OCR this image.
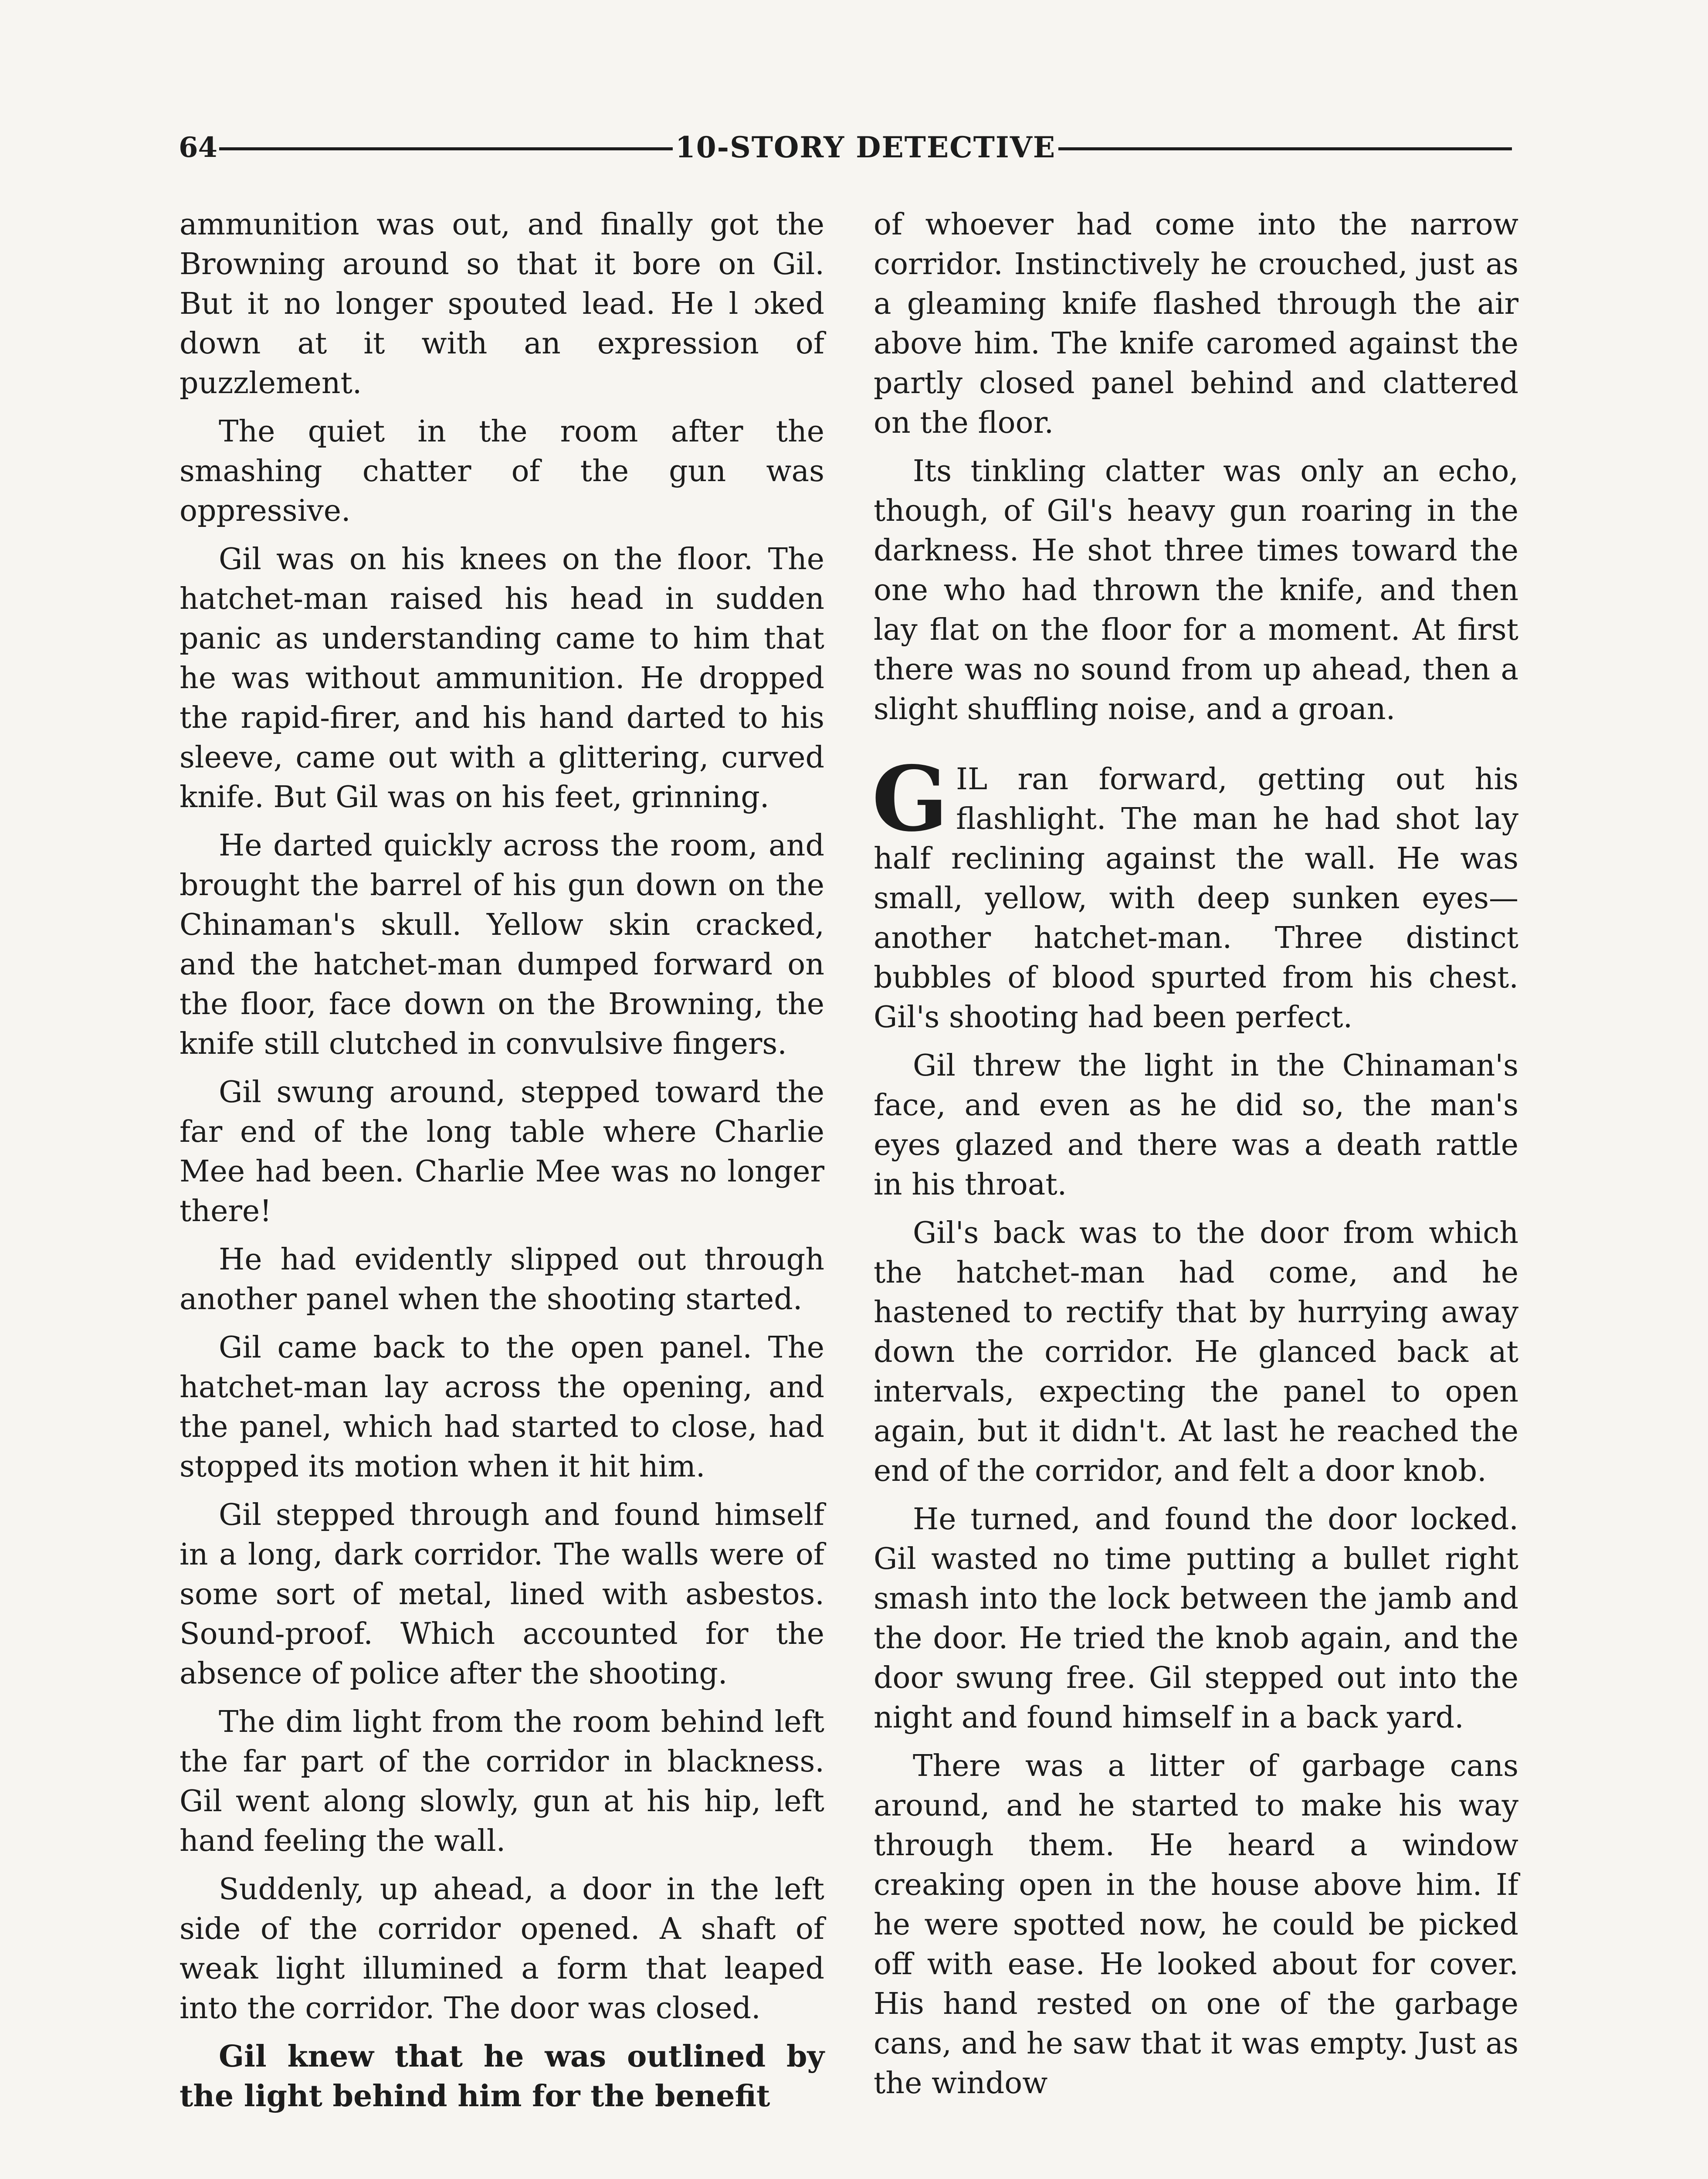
64	10-STORY DETECTIVE

ammunition was out, and finally got the Browning around so that it bore on Gil. But it no longer spouted lead. He l ɔked down at it with an expression of puzzlement.

The quiet in the room after the smashing chatter of the gun was oppressive.

Gil was on his knees on the floor. The hatchet-man raised his head in sudden panic as understanding came to him that he was without ammunition. He dropped the rapid-firer, and his hand darted to his sleeve, came out with a glittering, curved knife. But Gil was on his feet, grinning.

He darted quickly across the room, and brought the barrel of his gun down on the Chinaman's skull. Yellow skin cracked, and the hatchet-man dumped forward on the floor, face down on the Browning, the knife still clutched in convulsive fingers.

Gil swung around, stepped toward the far end of the long table where Charlie Mee had been. Charlie Mee was no longer there!

He had evidently slipped out through another panel when the shooting started.

Gil came back to the open panel. The hatchet-man lay across the opening, and the panel, which had started to close, had stopped its motion when it hit him.

Gil stepped through and found himself in a long, dark corridor. The walls were of some sort of metal, lined with asbestos. Sound-proof. Which accounted for the absence of police after the shooting.

The dim light from the room behind left the far part of the corridor in blackness. Gil went along slowly, gun at his hip, left hand feeling the wall.

Suddenly, up ahead, a door in the left side of the corridor opened. A shaft of weak light illumined a form that leaped into the corridor. The door was closed.

Gil knew that he was outlined by the light behind him for the benefit

of whoever had come into the narrow corridor. Instinctively he crouched, just as a gleaming knife flashed through the air above him. The knife caromed against the partly closed panel behind and clattered on the floor.

Its tinkling clatter was only an echo, though, of Gil's heavy gun roaring in the darkness. He shot three times toward the one who had thrown the knife, and then lay flat on the floor for a moment. At first there was no sound from up ahead, then a slight shuffling noise, and a groan.

GIL ran forward, getting out his flashlight. The man he had shot lay half reclining against the wall. He was small, yellow, with deep sunken eyes—another hatchet-man. Three distinct bubbles of blood spurted from his chest. Gil's shooting had been perfect.

Gil threw the light in the Chinaman's face, and even as he did so, the man's eyes glazed and there was a death rattle in his throat.

Gil's back was to the door from which the hatchet-man had come, and he hastened to rectify that by hurrying away down the corridor. He glanced back at intervals, expecting the panel to open again, but it didn't. At last he reached the end of the corridor, and felt a door knob.

He turned, and found the door locked. Gil wasted no time putting a bullet right smash into the lock between the jamb and the door. He tried the knob again, and the door swung free. Gil stepped out into the night and found himself in a back yard.

There was a litter of garbage cans around, and he started to make his way through them. He heard a window creaking open in the house above him. If he were spotted now, he could be picked off with ease. He looked about for cover. His hand rested on one of the garbage cans, and he saw that it was empty. Just as the window
